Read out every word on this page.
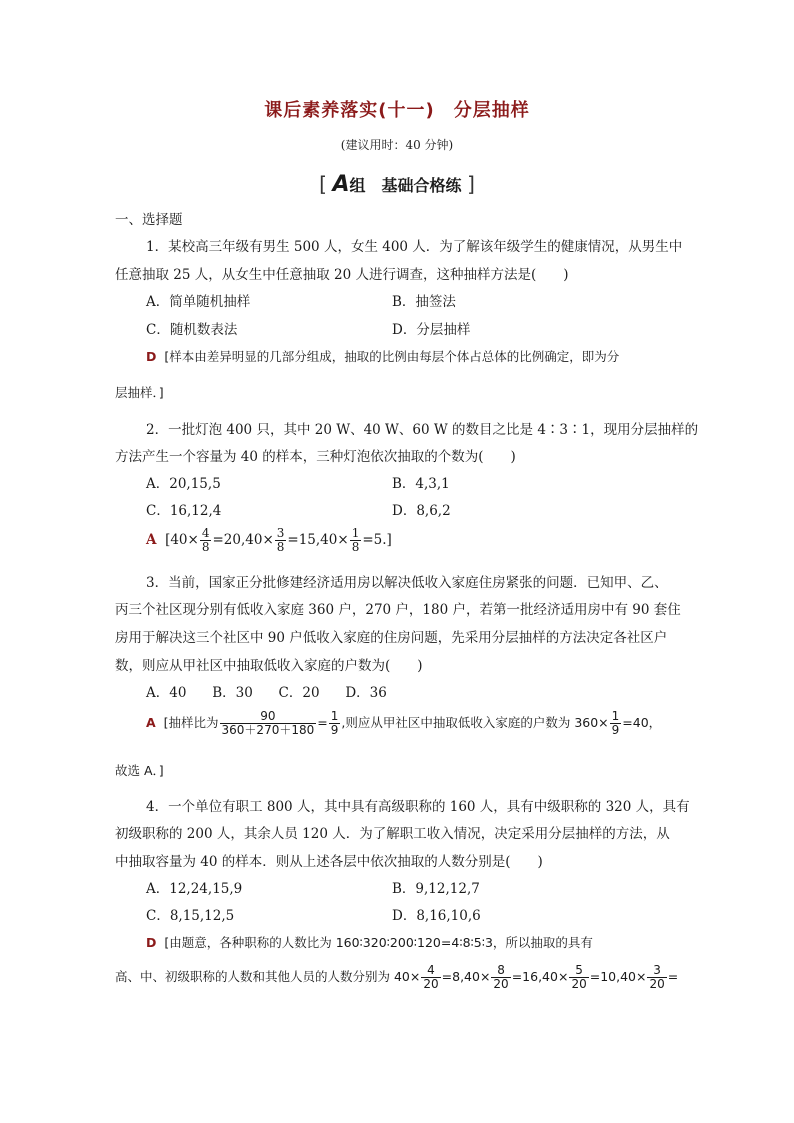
课后素养落实(十一)　分层抽样
(建议用时：40 分钟)
[ A组　基础合格练 ]
一、选择题
1．某校高三年级有男生 500 人，女生 400 人．为了解该年级学生的健康情况，从男生中
任意抽取 25 人，从女生中任意抽取 20 人进行调查，这种抽样方法是(　　)
A．简单随机抽样	B．抽签法
C．随机数表法	D．分层抽样
D [样本由差异明显的几部分组成，抽取的比例由每层个体占总体的比例确定，即为分
层抽样．]
2．一批灯泡 400 只，其中 20 W、40 W、60 W 的数目之比是 4∶3∶1，现用分层抽样的
方法产生一个容量为 40 的样本，三种灯泡依次抽取的个数为(　　)
A．20,15,5	B．4,3,1
C．16,12,4	D．8,6,2
A $[40\times \frac{4}{8} =20,40\times \frac{3}{8} =15,40\times \frac{1}{8} =5.]$
3．当前，国家正分批修建经济适用房以解决低收入家庭住房紧张的问题．已知甲、乙、
丙三个社区现分别有低收入家庭 360 户，270 户，180 户，若第一批经济适用房中有 90 套住
房用于解决这三个社区中 90 户低收入家庭的住房问题，先采用分层抽样的方法决定各社区户
数，则应从甲社区中抽取低收入家庭的户数为(　　)
A．40 B．30 C．20 D．36
A [抽样比为 $\frac{90}{360+270+180} = \frac{1}{9}$ ,则应从甲社区中抽取低收入家庭的户数为 $360\times \frac{1}{9} =40$，
故选 A．]
4．一个单位有职工 800 人，其中具有高级职称的 160 人，具有中级职称的 320 人，具有
初级职称的 200 人，其余人员 120 人．为了解职工收入情况，决定采用分层抽样的方法，从
中抽取容量为 40 的样本．则从上述各层中依次抽取的人数分别是(　　)
A．12,24,15,9	B．9,12,12,7
C．8,15,12,5	D．8,16,10,6
D [由题意，各种职称的人数比为 160∶320∶200∶120=4∶8∶5∶3，所以抽取的具有
高、中、初级职称的人数和其他人员的人数分别为 $40\times \frac{4}{20} =8,40\times \frac{8}{20} =16,40\times \frac{5}{20} =10,40\times \frac{3}{20}$ =
